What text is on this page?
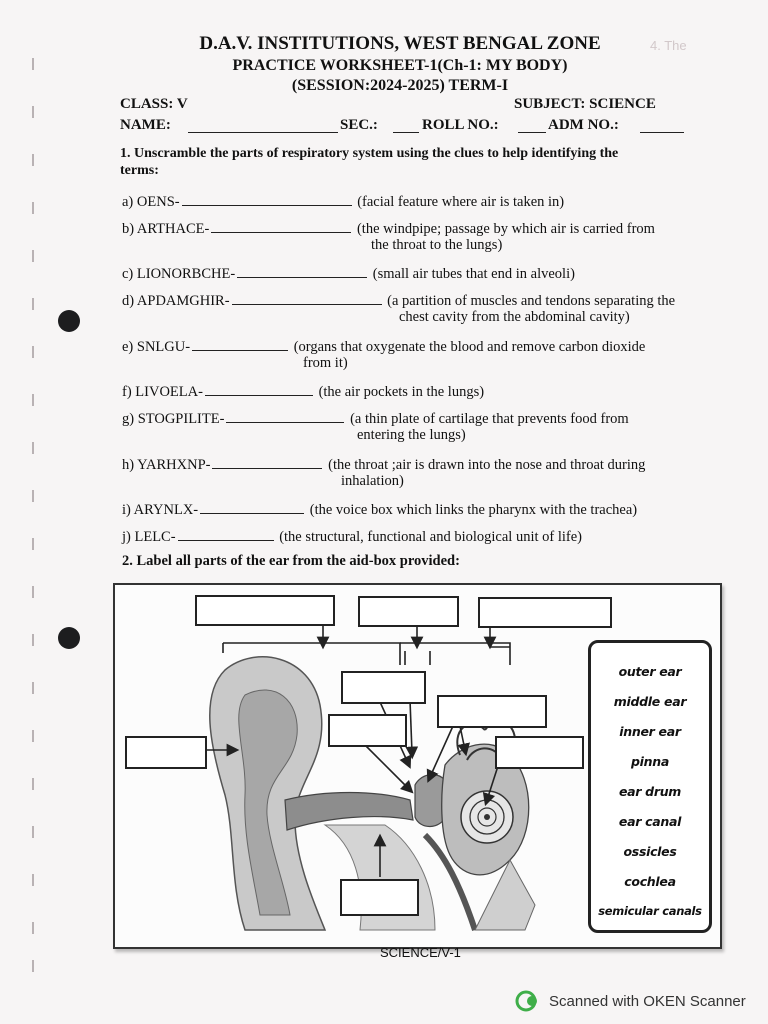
4. The
D.A.V. INSTITUTIONS, WEST BENGAL ZONE
PRACTICE WORKSHEET-1(Ch-1: MY BODY)
(SESSION:2024-2025) TERM-I
CLASS: V	SUBJECT: SCIENCE
NAME:	SEC.:	ROLL NO.:	ADM NO.:
1. Unscramble the parts of respiratory system using the clues to help identifying the
terms:
a) OENS-	(facial feature where air is taken in)
b) ARTHACE-	(the windpipe; passage by which air is carried from
the throat to the lungs)
c) LIONORBCHE-	(small air tubes that end in alveoli)
d) APDAMGHIR-	(a partition of muscles and tendons separating the
chest cavity from the abdominal cavity)
e) SNLGU-	(organs that oxygenate the blood and remove carbon dioxide
from it)
f) LIVOELA-	(the air pockets in the lungs)
g) STOGPILITE-	(a thin plate of cartilage that prevents food from
entering the lungs)
h) YARHXNP-	(the throat ;air is drawn into the nose and throat during
inhalation)
i) ARYNLX-	(the voice box which links the pharynx with the trachea)
j) LELC-	(the structural, functional and biological unit of life)
2. Label all parts of the ear from the aid-box provided:
outer ear
middle ear
inner ear
pinna
ear drum
ear canal
ossicles
cochlea
semicular canals
SCIENCE/V-1
Scanned with OKEN Scanner
